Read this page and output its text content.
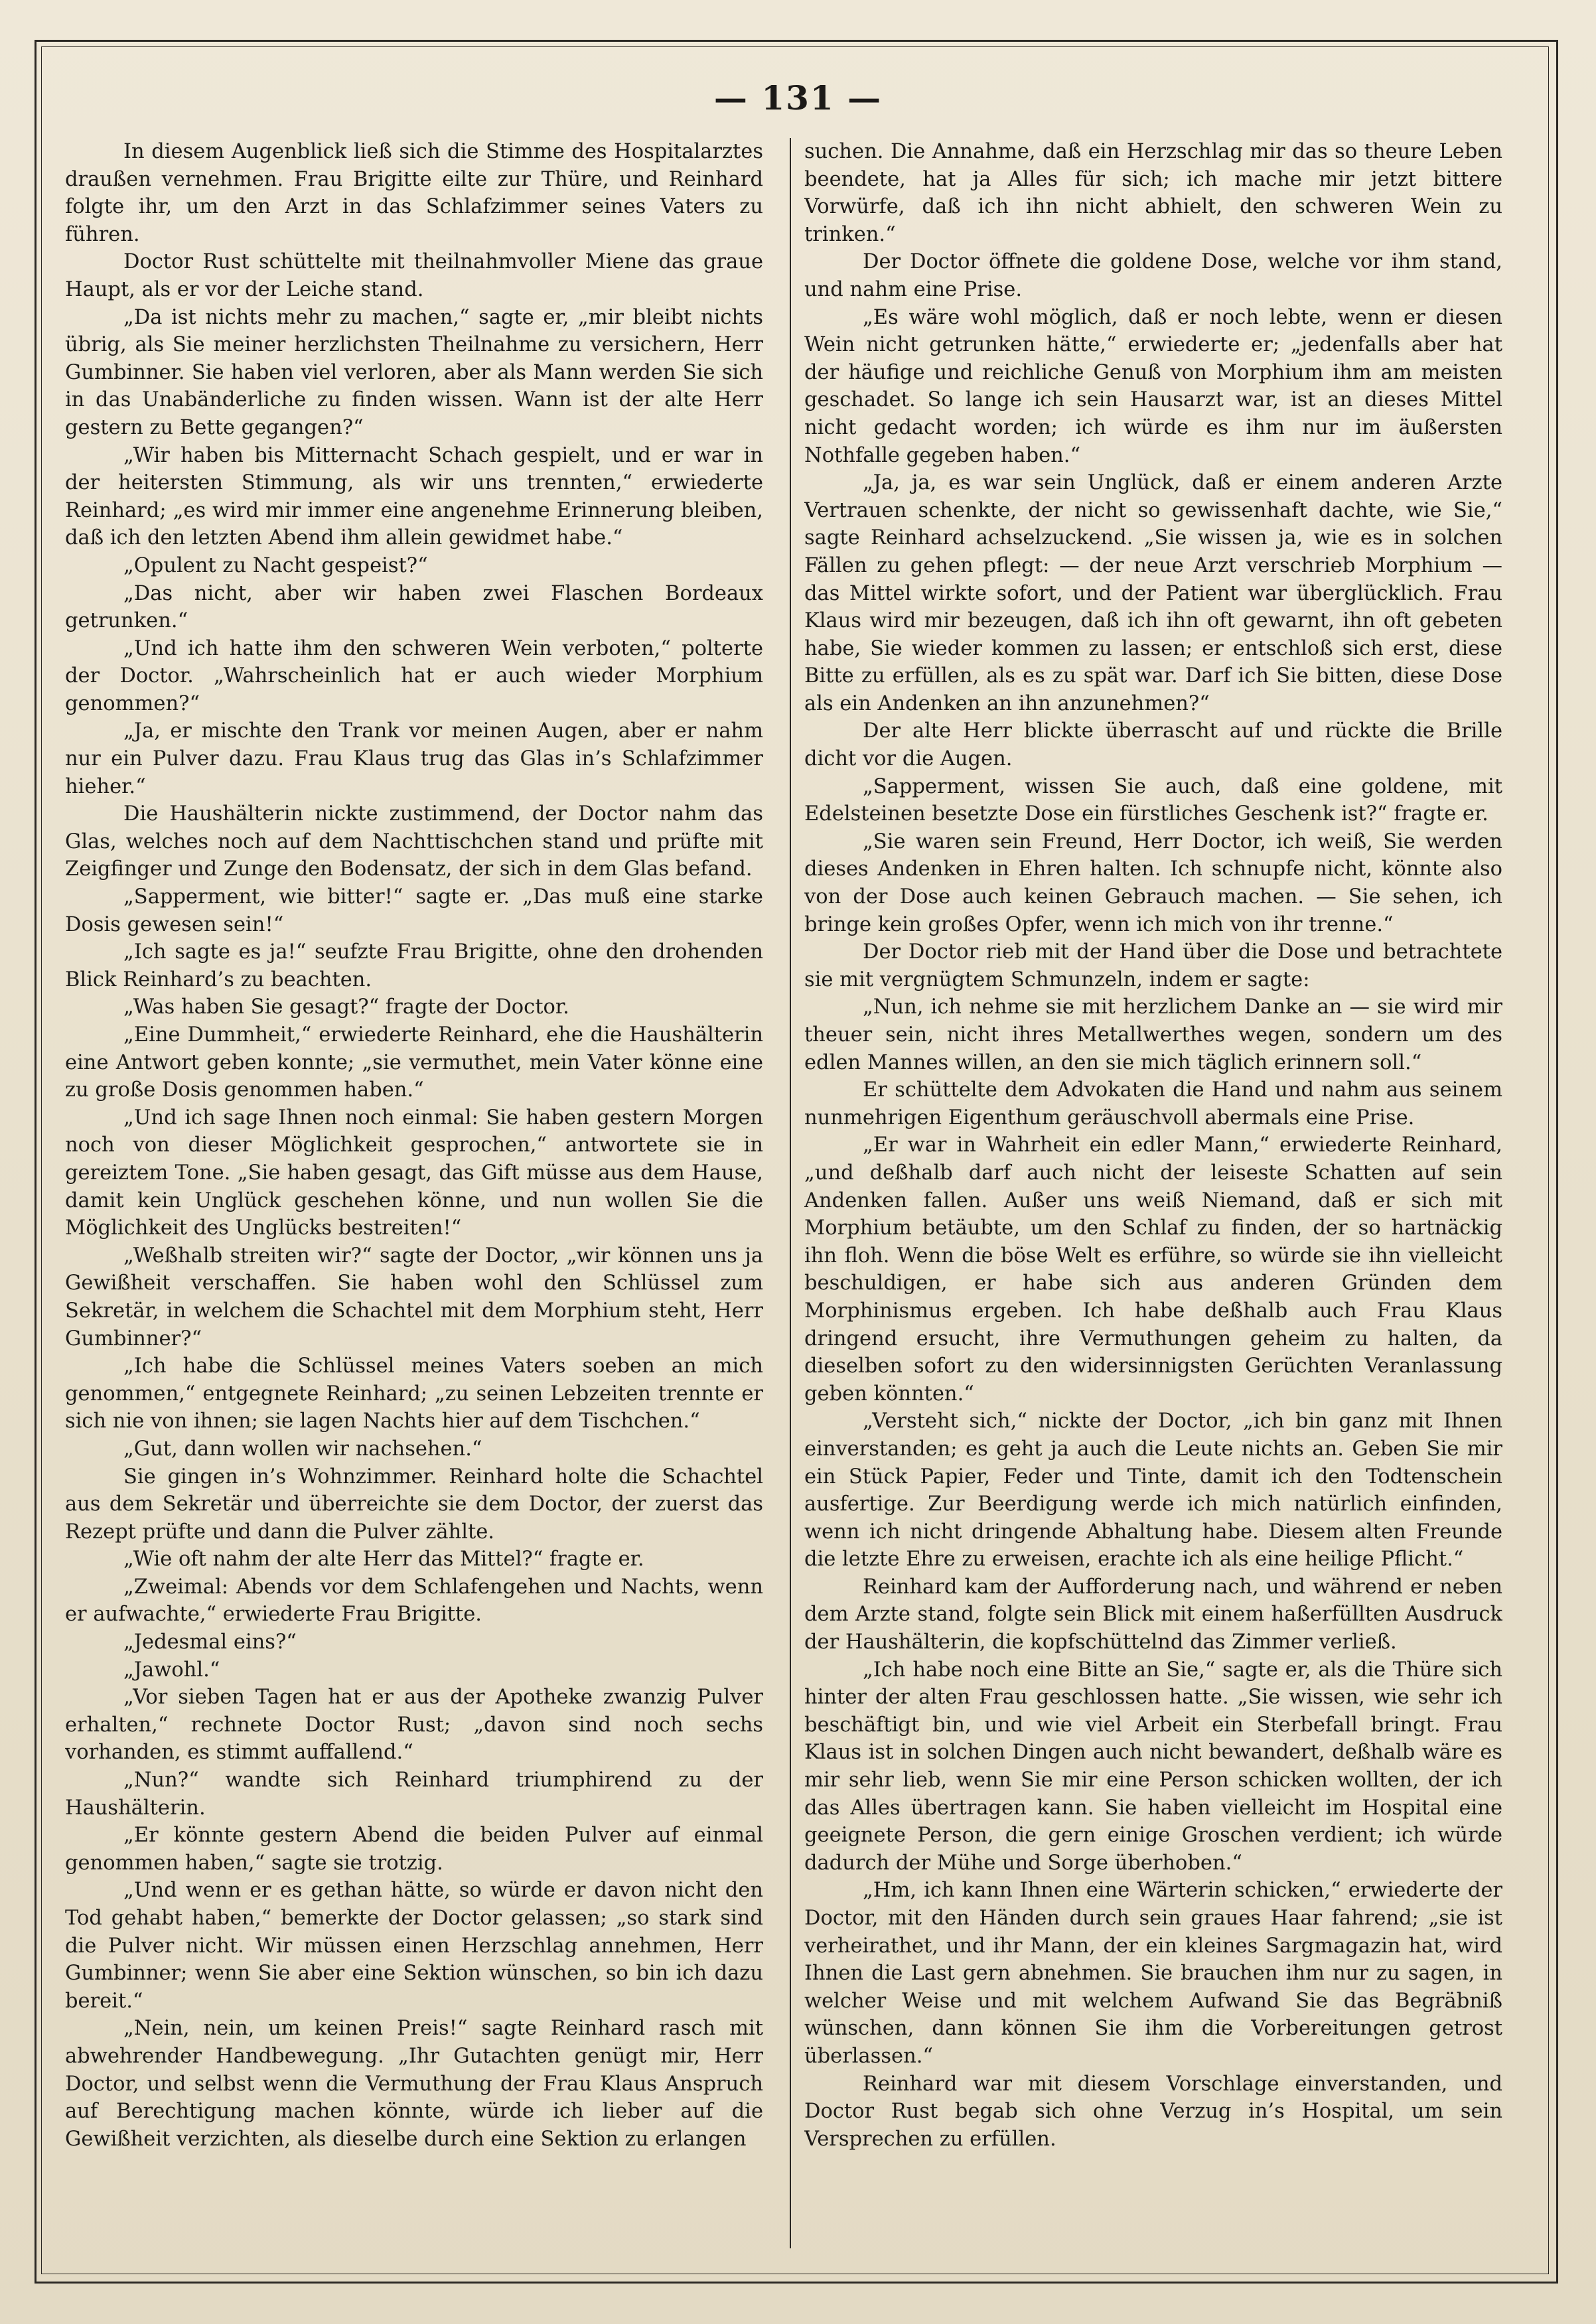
— 131 —

In diesem Augenblick ließ sich die Stimme des Hospitalarztes draußen vernehmen. Frau Brigitte eilte zur Thüre, und Reinhard folgte ihr, um den Arzt in das Schlafzimmer seines Vaters zu führen.

Doctor Rust schüttelte mit theilnahmvoller Miene das graue Haupt, als er vor der Leiche stand.

„Da ist nichts mehr zu machen,“ sagte er, „mir bleibt nichts übrig, als Sie meiner herzlichsten Theilnahme zu versichern, Herr Gumbinner. Sie haben viel verloren, aber als Mann werden Sie sich in das Unabänderliche zu finden wissen. Wann ist der alte Herr gestern zu Bette gegangen?“

„Wir haben bis Mitternacht Schach gespielt, und er war in der heitersten Stimmung, als wir uns trennten,“ erwiederte Reinhard; „es wird mir immer eine angenehme Erinnerung bleiben, daß ich den letzten Abend ihm allein gewidmet habe.“

„Opulent zu Nacht gespeist?“

„Das nicht, aber wir haben zwei Flaschen Bordeaux getrunken.“

„Und ich hatte ihm den schweren Wein verboten,“ polterte der Doctor. „Wahrscheinlich hat er auch wieder Morphium genommen?“

„Ja, er mischte den Trank vor meinen Augen, aber er nahm nur ein Pulver dazu. Frau Klaus trug das Glas in’s Schlafzimmer hieher.“

Die Haushälterin nickte zustimmend, der Doctor nahm das Glas, welches noch auf dem Nachttischchen stand und prüfte mit Zeigfinger und Zunge den Bodensatz, der sich in dem Glas befand.

„Sapperment, wie bitter!“ sagte er. „Das muß eine starke Dosis gewesen sein!“

„Ich sagte es ja!“ seufzte Frau Brigitte, ohne den drohenden Blick Reinhard’s zu beachten.

„Was haben Sie gesagt?“ fragte der Doctor.

„Eine Dummheit,“ erwiederte Reinhard, ehe die Haushälterin eine Antwort geben konnte; „sie vermuthet, mein Vater könne eine zu große Dosis genommen haben.“

„Und ich sage Ihnen noch einmal: Sie haben gestern Morgen noch von dieser Möglichkeit gesprochen,“ antwortete sie in gereiztem Tone. „Sie haben gesagt, das Gift müsse aus dem Hause, damit kein Unglück geschehen könne, und nun wollen Sie die Möglichkeit des Unglücks bestreiten!“

„Weßhalb streiten wir?“ sagte der Doctor, „wir können uns ja Gewißheit verschaffen. Sie haben wohl den Schlüssel zum Sekretär, in welchem die Schachtel mit dem Morphium steht, Herr Gumbinner?“

„Ich habe die Schlüssel meines Vaters soeben an mich genommen,“ entgegnete Reinhard; „zu seinen Lebzeiten trennte er sich nie von ihnen; sie lagen Nachts hier auf dem Tischchen.“

„Gut, dann wollen wir nachsehen.“

Sie gingen in’s Wohnzimmer. Reinhard holte die Schachtel aus dem Sekretär und überreichte sie dem Doctor, der zuerst das Rezept prüfte und dann die Pulver zählte.

„Wie oft nahm der alte Herr das Mittel?“ fragte er.

„Zweimal: Abends vor dem Schlafengehen und Nachts, wenn er aufwachte,“ erwiederte Frau Brigitte.

„Jedesmal eins?“

„Jawohl.“

„Vor sieben Tagen hat er aus der Apotheke zwanzig Pulver erhalten,“ rechnete Doctor Rust; „davon sind noch sechs vorhanden, es stimmt auffallend.“

„Nun?“ wandte sich Reinhard triumphirend zu der Haushälterin.

„Er könnte gestern Abend die beiden Pulver auf einmal genommen haben,“ sagte sie trotzig.

„Und wenn er es gethan hätte, so würde er davon nicht den Tod gehabt haben,“ bemerkte der Doctor gelassen; „so stark sind die Pulver nicht. Wir müssen einen Herzschlag annehmen, Herr Gumbinner; wenn Sie aber eine Sektion wünschen, so bin ich dazu bereit.“

„Nein, nein, um keinen Preis!“ sagte Reinhard rasch mit abwehrender Handbewegung. „Ihr Gutachten genügt mir, Herr Doctor, und selbst wenn die Vermuthung der Frau Klaus Anspruch auf Berechtigung machen könnte, würde ich lieber auf die Gewißheit verzichten, als dieselbe durch eine Sektion zu erlangen

suchen. Die Annahme, daß ein Herzschlag mir das so theure Leben beendete, hat ja Alles für sich; ich mache mir jetzt bittere Vorwürfe, daß ich ihn nicht abhielt, den schweren Wein zu trinken.“

Der Doctor öffnete die goldene Dose, welche vor ihm stand, und nahm eine Prise.

„Es wäre wohl möglich, daß er noch lebte, wenn er diesen Wein nicht getrunken hätte,“ erwiederte er; „jedenfalls aber hat der häufige und reichliche Genuß von Morphium ihm am meisten geschadet. So lange ich sein Hausarzt war, ist an dieses Mittel nicht gedacht worden; ich würde es ihm nur im äußersten Nothfalle gegeben haben.“

„Ja, ja, es war sein Unglück, daß er einem anderen Arzte Vertrauen schenkte, der nicht so gewissenhaft dachte, wie Sie,“ sagte Reinhard achselzuckend. „Sie wissen ja, wie es in solchen Fällen zu gehen pflegt: — der neue Arzt verschrieb Morphium — das Mittel wirkte sofort, und der Patient war überglücklich. Frau Klaus wird mir bezeugen, daß ich ihn oft gewarnt, ihn oft gebeten habe, Sie wieder kommen zu lassen; er entschloß sich erst, diese Bitte zu erfüllen, als es zu spät war. Darf ich Sie bitten, diese Dose als ein Andenken an ihn anzunehmen?“

Der alte Herr blickte überrascht auf und rückte die Brille dicht vor die Augen.

„Sapperment, wissen Sie auch, daß eine goldene, mit Edelsteinen besetzte Dose ein fürstliches Geschenk ist?“ fragte er.

„Sie waren sein Freund, Herr Doctor, ich weiß, Sie werden dieses Andenken in Ehren halten. Ich schnupfe nicht, könnte also von der Dose auch keinen Gebrauch machen. — Sie sehen, ich bringe kein großes Opfer, wenn ich mich von ihr trenne.“

Der Doctor rieb mit der Hand über die Dose und betrachtete sie mit vergnügtem Schmunzeln, indem er sagte:

„Nun, ich nehme sie mit herzlichem Danke an — sie wird mir theuer sein, nicht ihres Metallwerthes wegen, sondern um des edlen Mannes willen, an den sie mich täglich erinnern soll.“

Er schüttelte dem Advokaten die Hand und nahm aus seinem nunmehrigen Eigenthum geräuschvoll abermals eine Prise.

„Er war in Wahrheit ein edler Mann,“ erwiederte Reinhard, „und deßhalb darf auch nicht der leiseste Schatten auf sein Andenken fallen. Außer uns weiß Niemand, daß er sich mit Morphium betäubte, um den Schlaf zu finden, der so hartnäckig ihn floh. Wenn die böse Welt es erführe, so würde sie ihn vielleicht beschuldigen, er habe sich aus anderen Gründen dem Morphinismus ergeben. Ich habe deßhalb auch Frau Klaus dringend ersucht, ihre Vermuthungen geheim zu halten, da dieselben sofort zu den widersinnigsten Gerüchten Veranlassung geben könnten.“

„Versteht sich,“ nickte der Doctor, „ich bin ganz mit Ihnen einverstanden; es geht ja auch die Leute nichts an. Geben Sie mir ein Stück Papier, Feder und Tinte, damit ich den Todtenschein ausfertige. Zur Beerdigung werde ich mich natürlich einfinden, wenn ich nicht dringende Abhaltung habe. Diesem alten Freunde die letzte Ehre zu erweisen, erachte ich als eine heilige Pflicht.“

Reinhard kam der Aufforderung nach, und während er neben dem Arzte stand, folgte sein Blick mit einem haßerfüllten Ausdruck der Haushälterin, die kopfschüttelnd das Zimmer verließ.

„Ich habe noch eine Bitte an Sie,“ sagte er, als die Thüre sich hinter der alten Frau geschlossen hatte. „Sie wissen, wie sehr ich beschäftigt bin, und wie viel Arbeit ein Sterbefall bringt. Frau Klaus ist in solchen Dingen auch nicht bewandert, deßhalb wäre es mir sehr lieb, wenn Sie mir eine Person schicken wollten, der ich das Alles übertragen kann. Sie haben vielleicht im Hospital eine geeignete Person, die gern einige Groschen verdient; ich würde dadurch der Mühe und Sorge überhoben.“

„Hm, ich kann Ihnen eine Wärterin schicken,“ erwiederte der Doctor, mit den Händen durch sein graues Haar fahrend; „sie ist verheirathet, und ihr Mann, der ein kleines Sargmagazin hat, wird Ihnen die Last gern abnehmen. Sie brauchen ihm nur zu sagen, in welcher Weise und mit welchem Aufwand Sie das Begräbniß wünschen, dann können Sie ihm die Vorbereitungen getrost überlassen.“

Reinhard war mit diesem Vorschlage einverstanden, und Doctor Rust begab sich ohne Verzug in’s Hospital, um sein Versprechen zu erfüllen.
